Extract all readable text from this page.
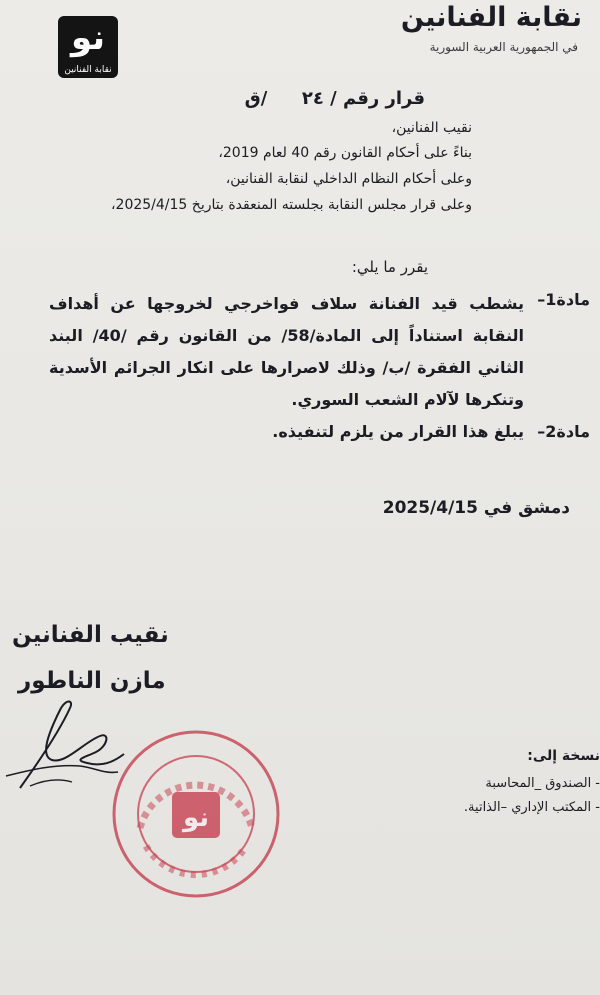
نقابة الفنانين
في الجمهورية العربية السورية
نو
نقابة الفنانين
قرار رقم / ٢٤  /ق
نقيب الفنانين،
بناءً على أحكام القانون رقم 40 لعام 2019،
وعلى أحكام النظام الداخلي لنقابة الفنانين،
وعلى قرار مجلس النقابة بجلسته المنعقدة بتاريخ 2025/4/15،
يقرر ما يلي:
مادة1–
يشطب قيد الفنانة سلاف فواخرجي لخروجها عن أهداف النقابة استناداً إلى المادة/58/ من القانون رقم /40/ البند الثاني الفقرة /ب/ وذلك لاصرارها على انكار الجرائم الأسدية وتنكرها لآلام الشعب السوري.
مادة2–
يبلغ هذا القرار من يلزم لتنفيذه.
دمشق في 2025/4/15
نقيب الفنانين
مازن الناطور
نو
نسخة إلى:
- الصندوق _المحاسبة
- المكتب الإداري –الذاتية.
